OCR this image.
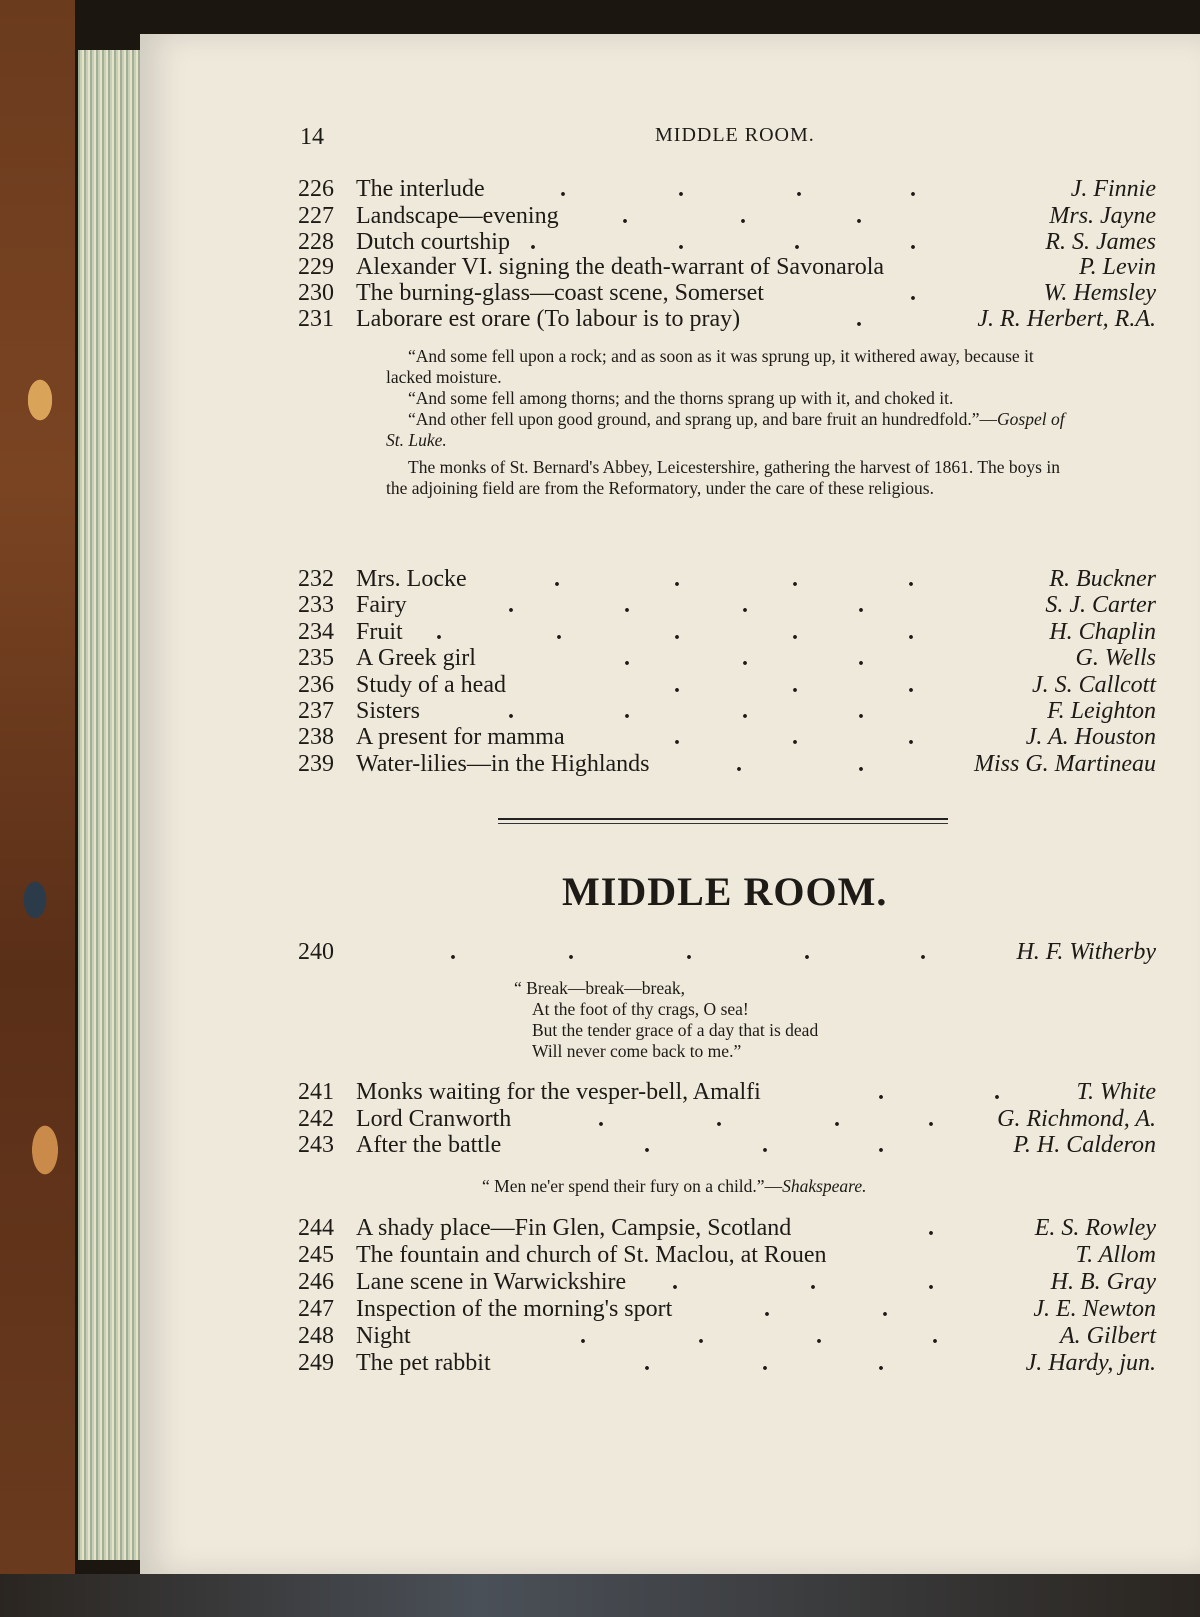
14	MIDDLE ROOM.
226 The interlude	.	.	.	.	J. Finnie
227 Landscape—evening	.	.	.	Mrs. Jayne
228 Dutch courtship .	.	.	.	R. S. James
229 Alexander VI. signing the death-warrant of Savonarola	P. Levin
230 The burning-glass—coast scene, Somerset	.	W. Hemsley
231 Laborare est orare (To labour is to pray)	.	J. R. Herbert, R.A.

“And some fell upon a rock; and as soon as it was sprung up, it withered away, because it lacked moisture.

“And some fell among thorns; and the thorns sprang up with it, and choked it.

“And other fell upon good ground, and sprang up, and bare fruit an hundredfold.”—Gospel of St. Luke.

The monks of St. Bernard's Abbey, Leicestershire, gathering the harvest of 1861. The boys in the adjoining field are from the Reformatory, under the care of these religious.

232 Mrs. Locke	.	.	.	.	R. Buckner
233 Fairy	.	.	.	.	S. J. Carter
234 Fruit .	.	.	.	.	H. Chaplin
235 A Greek girl	.	.	.	G. Wells
236 Study of a head	.	.	.	J. S. Callcott
237 Sisters	.	.	.	.	F. Leighton
238 A present for mamma	.	.	.	J. A. Houston
239 Water-lilies—in the Highlands	.	.	Miss G. Martineau
MIDDLE ROOM.
240	.	.	.	.	.	H. F. Witherby

“ Break—break—break,

At the foot of thy crags, O sea!

But the tender grace of a day that is dead

Will never come back to me.”

241 Monks waiting for the vesper-bell, Amalfi	.	.	T. White
242 Lord Cranworth	.	.	.	.	G. Richmond, A.
243 After the battle	.	.	.	P. H. Calderon

“ Men ne'er spend their fury on a child.”—Shakspeare.

244 A shady place—Fin Glen, Campsie, Scotland	.	E. S. Rowley
245 The fountain and church of St. Maclou, at Rouen	T. Allom
246 Lane scene in Warwickshire .	.	.	H. B. Gray
247 Inspection of the morning's sport	.	.	J. E. Newton
248 Night	.	.	.	.	A. Gilbert
249 The pet rabbit	.	.	.	J. Hardy, jun.
